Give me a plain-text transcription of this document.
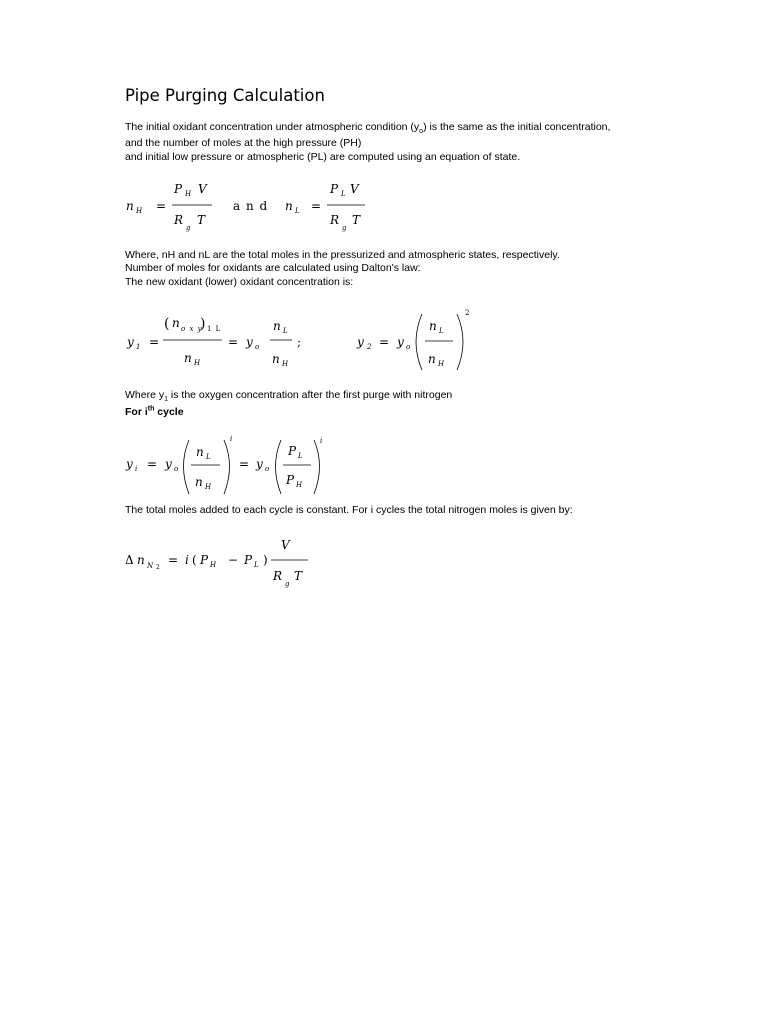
Pipe Purging Calculation
The initial oxidant concentration under atmospheric condition $(y_o)$ is the same as the initial concentration,
and the number of moles at the high pressure (PH)
and initial low pressure or atmospheric (PL) are computed using an equation of state.
n H =
P H V
R
g
T
a n d n L =
P L V
R
g
T
y 1 =
( n o x y
) 1 L
n H
= y o
n L
n H
;	y 2 = y o
n L
n H
2
y i = y o
n L
n H
i
= y o
P L
P H
i
Δ n N 2
= i ( P H − P L )
V
R
g
T
Where, nH and nL are the total moles in the pressurized and atmospheric states, respectively.
Number of moles for oxidants are calculated using Dalton's law:
The new oxidant (lower) oxidant concentration is:
Where $y_1$ is the oxygen concentration after the first purge with nitrogen
For $i^{th}$ cycle
The total moles added to each cycle is constant. For i cycles the total nitrogen moles is given by:
